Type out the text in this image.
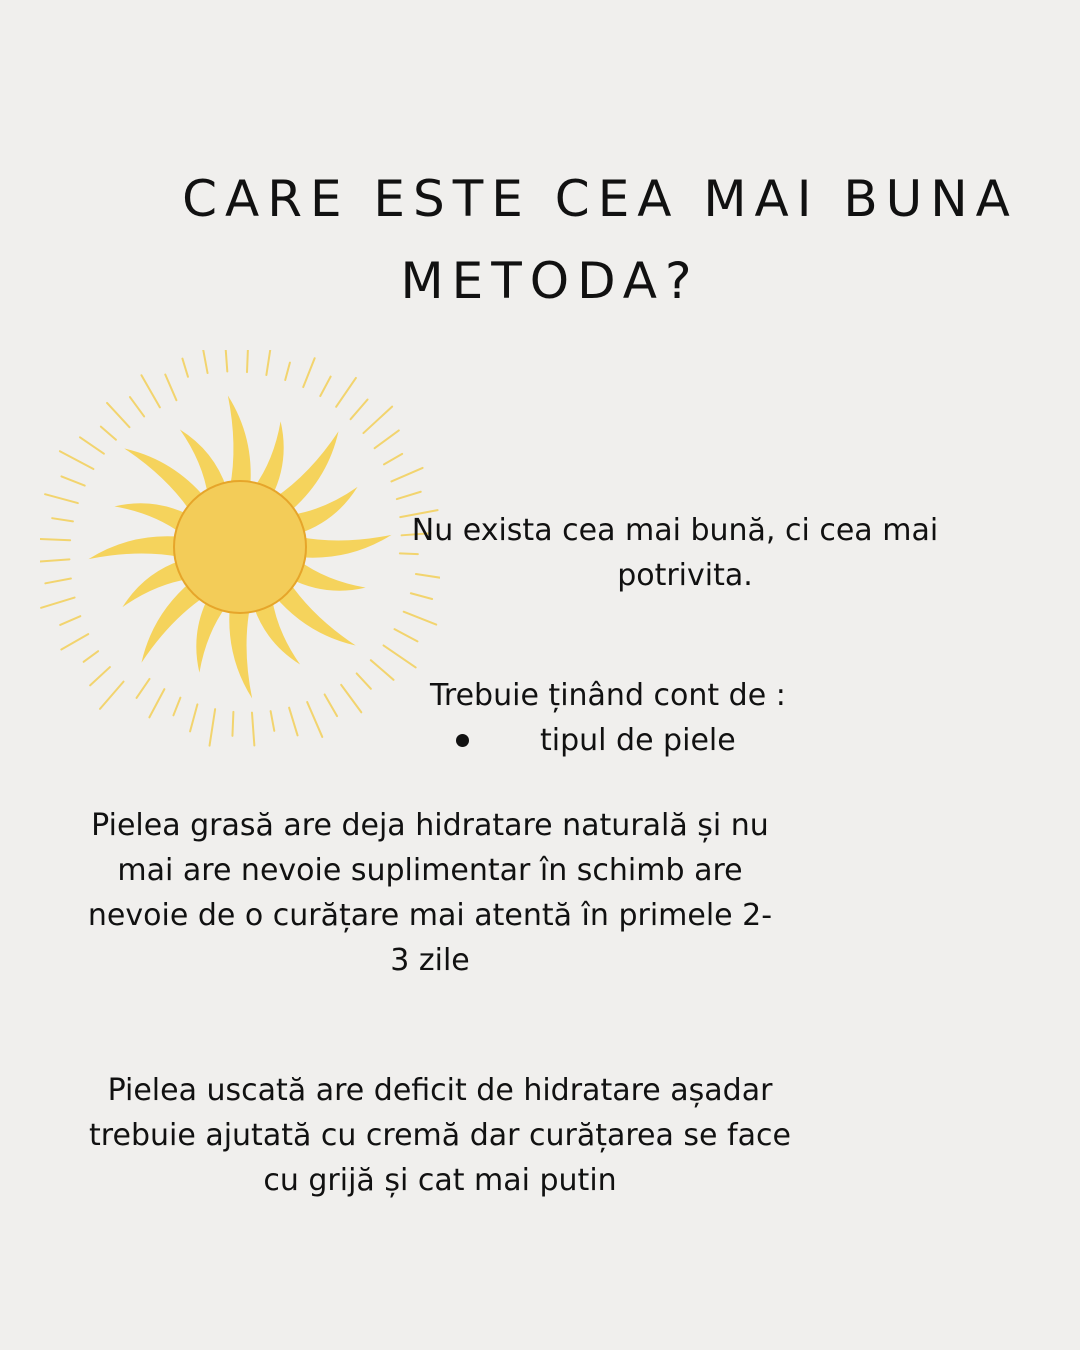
CARE ESTE CEA MAI BUNA
METODA?
Nu exista cea mai bună, ci cea mai
potrivita.
Trebuie ținând cont de :
tipul de piele
Pielea grasă are deja hidratare naturală și nu
mai are nevoie suplimentar în schimb are
nevoie de o curățare mai atentă în primele 2-
3 zile
Pielea uscată are deficit de hidratare așadar
trebuie ajutată cu cremă dar curățarea se face
cu grijă și cat mai putin
